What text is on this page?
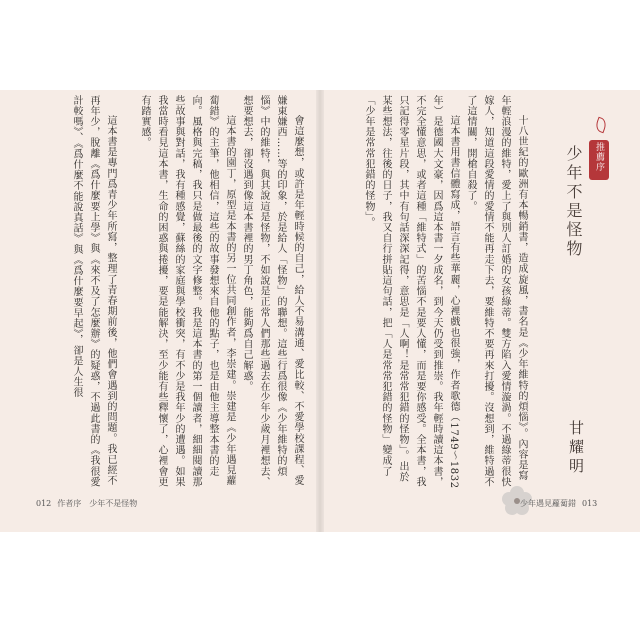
會這麼想，或許是年輕時候的自己，給人不易溝通、愛比較、不愛學校課程、愛嫌東嫌西……等的印象，於是給人「怪物」的聯想。這些行爲很像《少年維特的煩惱》中的維特，與其說這是怪物，不如說是正常人們那些過去在少年少歲月裡想去、想要想去，卻沒遇到像這本書裡的男丁角色，能夠爲自己解惑。

這本書的園丁，原型是本書的另一位共同創作者，李崇建。崇建是《少年遇見蘿蔔錯》的主筆，他相信，這些的故事發想來自他的點子，也是由他主導整本書的走向。風格與完稿，我只是做最後的文字修整。我是這本書的第一個讀者，細細閱讀那些故事與對話，我有種感覺，蘇絲的家庭與學校衝突，有不少是我年少的遭遇。如果我當時看見這本書，生命的困惑與捲擾，要是能解決，至少能有些釋懷了，心裡會更有踏實感。

這本書是專門爲青少年所寫，整理了青春期前後，他們會遇到的問題。我已經不再年少，脫離《爲什麼要上學》與《來不及了怎麼辦》的疑惑，不過此書的《我很愛計較嗎》、《爲什麼不能說真話》與《爲什麼要早起》，卻是人生很	十八世紀的歐洲有本暢銷書，造成旋風，書名是《少年維特的煩惱》。內容是寫年輕浪漫的維特，愛上了與別人訂婚的女孩綠蒂。雙方陷入愛情漩渦。不過綠蒂很快嫁人，知道這段愛情的愛情不能再走下去，要維特不要再來打擾。沒想到，維特過不了這情關，開槍自殺了。

這本書用書信體寫成，語言有些華麗，心裡戲也很強，作者歌德（1749～1832年）是德國大文豪，因爲這本書一夕成名，到今天仍受到推崇。我年輕時讀這本書，不完全懂意思，或者這種「維特式」的苦惱不是要人懂，而是要你感受。全本書，我只記得零星片段，其中有句話深深記得，意思是「人啊！是常常犯錯的怪物」。出於某些想法，往後的日子，我又自行拼貼這句話，把「人是常常犯錯的怪物」變成了「少年是常常犯錯的怪物」。	推薦序
少年不是怪物
甘耀明
012 作者序　少年不是怪物	少年遇見蘿蔔錯 013
